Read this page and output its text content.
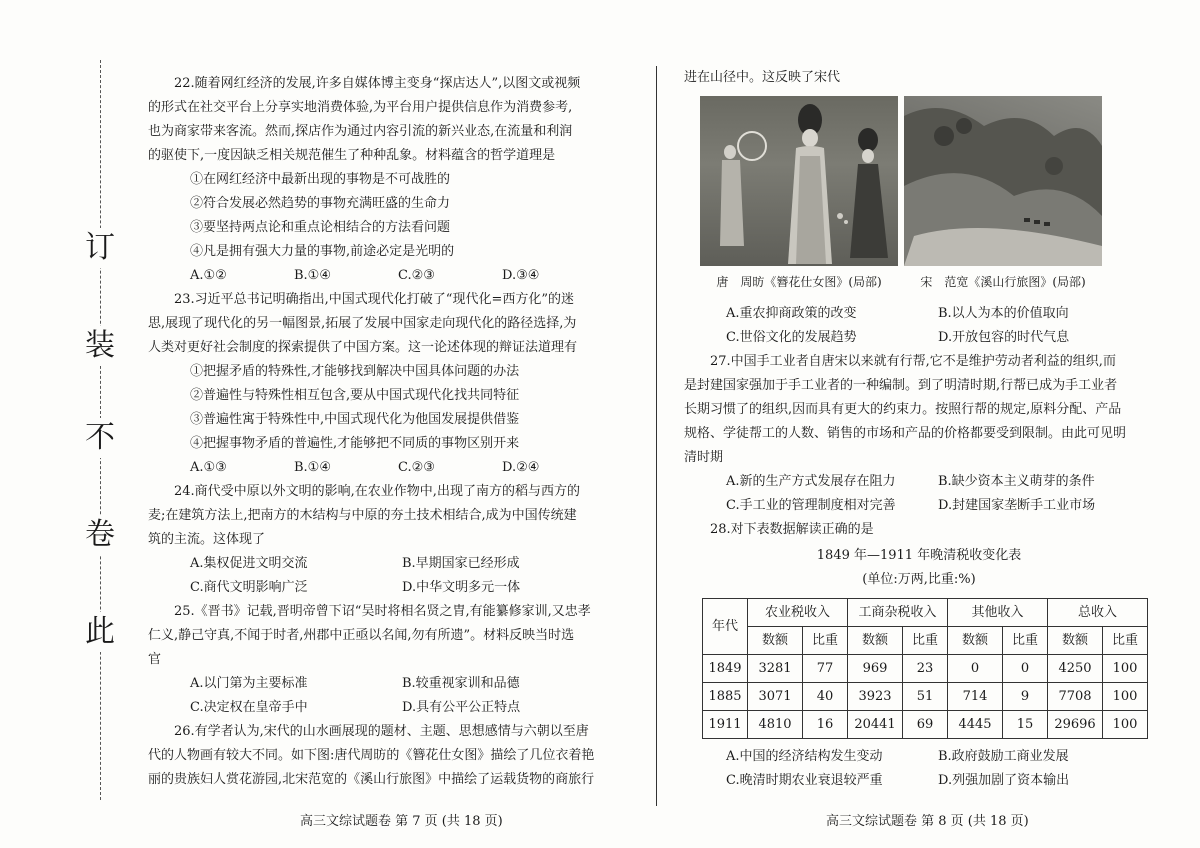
此
卷
不
装
订

22.随着网红经济的发展,许多自媒体博主变身“探店达人”,以图文或视频

的形式在社交平台上分享实地消费体验,为平台用户提供信息作为消费参考,

也为商家带来客流。然而,探店作为通过内容引流的新兴业态,在流量和利润

的驱使下,一度因缺乏相关规范催生了种种乱象。材料蕴含的哲学道理是

①在网红经济中最新出现的事物是不可战胜的

②符合发展必然趋势的事物充满旺盛的生命力

③要坚持两点论和重点论相结合的方法看问题

④凡是拥有强大力量的事物,前途必定是光明的

A.①②	B.①④	C.②③	D.③④

23.习近平总书记明确指出,中国式现代化打破了“现代化=西方化”的迷

思,展现了现代化的另一幅图景,拓展了发展中国家走向现代化的路径选择,为

人类对更好社会制度的探索提供了中国方案。这一论述体现的辩证法道理有

①把握矛盾的特殊性,才能够找到解决中国具体问题的办法

②普遍性与特殊性相互包含,要从中国式现代化找共同特征

③普遍性寓于特殊性中,中国式现代化为他国发展提供借鉴

④把握事物矛盾的普遍性,才能够把不同质的事物区别开来

A.①③	B.①④	C.②③	D.②④

24.商代受中原以外文明的影响,在农业作物中,出现了南方的稻与西方的

麦;在建筑方法上,把南方的木结构与中原的夯土技术相结合,成为中国传统建

筑的主流。这体现了

A.集权促进文明交流	B.早期国家已经形成
C.商代文明影响广泛	D.中华文明多元一体

25.《晋书》记载,晋明帝曾下诏“吴时将相名贤之胄,有能纂修家训,又忠孝

仁义,静己守真,不闻于时者,州郡中正亟以名闻,勿有所遗”。材料反映当时选

官

A.以门第为主要标准	B.较重视家训和品德
C.决定权在皇帝手中	D.具有公平公正特点

26.有学者认为,宋代的山水画展现的题材、主题、思想感情与六朝以至唐

代的人物画有较大不同。如下图:唐代周昉的《簪花仕女图》描绘了几位衣着艳

丽的贵族妇人赏花游园,北宋范宽的《溪山行旅图》中描绘了运载货物的商旅行

高三文综试题卷 第 7 页 (共 18 页)

进在山径中。这反映了宋代

唐　周昉《簪花仕女图》(局部)	宋　范宽《溪山行旅图》(局部)
A.重农抑商政策的改变	B.以人为本的价值取向
C.世俗文化的发展趋势	D.开放包容的时代气息

27.中国手工业者自唐宋以来就有行帮,它不是维护劳动者利益的组织,而

是封建国家强加于手工业者的一种编制。到了明清时期,行帮已成为手工业者

长期习惯了的组织,因而具有更大的约束力。按照行帮的规定,原料分配、产品

规格、学徒帮工的人数、销售的市场和产品的价格都要受到限制。由此可见明

清时期

A.新的生产方式发展存在阻力	B.缺少资本主义萌芽的条件
C.手工业的管理制度相对完善	D.封建国家垄断手工业市场

28.对下表数据解读正确的是

1849 年—1911 年晚清税收变化表

(单位:万两,比重:%)

年代	农业税收入		工商杂税收入		其他收入		总收入	
	数额	比重	数额	比重	数额	比重	数额	比重
1849	3281	77	969	23	0	0	4250	100
1885	3071	40	3923	51	714	9	7708	100
1911	4810	16	20441	69	4445	15	29696	100
A.中国的经济结构发生变动	B.政府鼓励工商业发展
C.晚清时期农业衰退较严重	D.列强加剧了资本输出
高三文综试题卷 第 8 页 (共 18 页)
